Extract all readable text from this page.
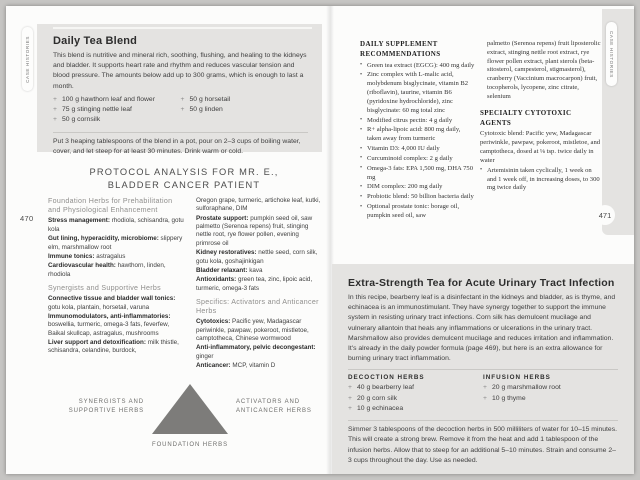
Daily Tea Blend
This blend is nutritive and mineral rich, soothing, flushing, and healing to the kidneys and bladder. It supports heart rate and rhythm and reduces vascular tension and blood pressure. The amounts below add up to 300 grams, which is enough to last a month.
+ 100 g hawthorn leaf and flower
+ 75 g stinging nettle leaf
+ 50 g cornsilk
+ 50 g horsetail
+ 50 g linden
Put 3 heaping tablespoons of the blend in a pot, pour on 2–3 cups of boiling water, cover, and let steep for at least 30 minutes. Drink warm or cold.
CASE HISTORIES
470
PROTOCOL ANALYSIS FOR MR. E.,
BLADDER CANCER PATIENT
Foundation Herbs for Prehabilitation and Physiological Enhancement
Stress management: rhodiola, schisandra, gotu kola
Gut lining, hyperacidity, microbiome: slippery elm, marshmallow root
Immune tonics: astragalus
Cardiovascular health: hawthorn, linden, rhodiola
Synergists and Supportive Herbs
Connective tissue and bladder wall tonics: gotu kola, plantain, horsetail, varuna
Immunomodulators, anti-inflammatories: boswellia, turmeric, omega-3 fats, feverfew, Baikal skullcap, astragalus, mushrooms
Liver support and detoxification: milk thistle, schisandra, celandine, burdock,
Oregon grape, turmeric, artichoke leaf, kutki, sulforaphane, DIM
Prostate support: pumpkin seed oil, saw palmetto (Serenoa repens) fruit, stinging nettle root, rye flower pollen, evening primrose oil
Kidney restoratives: nettle seed, corn silk, gotu kola, goshajinkigan
Bladder relaxant: kava
Antioxidants: green tea, zinc, lipoic acid, turmeric, omega-3 fats
Specifics: Activators and Anticancer Herbs
Cytotoxics: Pacific yew, Madagascar periwinkle, pawpaw, pokeroot, mistletoe, camptotheca, Chinese wormwood
Anti-inflammatory, pelvic decongestant: ginger
Anticancer: MCP, vitamin D
SYNERGISTS AND SUPPORTIVE HERBS
ACTIVATORS AND ANTICANCER HERBS
FOUNDATION HERBS
CASE HISTORIES
471
DAILY SUPPLEMENT RECOMMENDATIONS
• Green tea extract (EGCG): 400 mg daily
• Zinc complex with L-malic acid, molybdenum bisglycinate, vitamin B2 (riboflavin), taurine, vitamin B6 (pyridoxine hydrochloride), zinc bisglycinate: 60 mg total zinc
• Modified citrus pectin: 4 g daily
• R+ alpha-lipoic acid: 800 mg daily, taken away from turmeric
• Vitamin D3: 4,000 IU daily
• Curcuminoid complex: 2 g daily
• Omega-3 fats: EPA 1,500 mg, DHA 750 mg
• DIM complex: 200 mg daily
• Probiotic blend: 50 billion bacteria daily
• Optional prostate tonic: borage oil, pumpkin seed oil, saw
palmetto (Serenoa repens) fruit liposterolic extract, stinging nettle root extract, rye flower pollen extract, plant sterols (beta-sitosterol, campesterol, stigmasterol), cranberry (Vaccinium macrocarpon) fruit, tocopherols, lycopene, zinc citrate, selenium
SPECIALTY CYTOTOXIC AGENTS
Cytotoxic blend: Pacific yew, Madagascar periwinkle, pawpaw, pokeroot, mistletoe, and camptotheca, dosed at ⅛ tsp. twice daily in water
• Artemisinin taken cyclically, 1 week on and 1 week off, in increasing doses, to 300 mg twice daily
Extra-Strength Tea for Acute Urinary Tract Infection
In this recipe, bearberry leaf is a disinfectant in the kidneys and bladder, as is thyme, and echinacea is an immunostimulant. They have synergy together to support the immune system in resisting urinary tract infections. Corn silk has demulcent mucilage and vulnerary allantoin that heals any inflammations or ulcerations in the urinary tract. Marshmallow also provides demulcent mucilage and reduces irritation and inflammation. It's already in the daily powder formula (page 469), but here is an extra allowance for burning urinary tract inflammation.
DECOCTION HERBS
+ 40 g bearberry leaf
+ 20 g corn silk
+ 10 g echinacea
INFUSION HERBS
+ 20 g marshmallow root
+ 10 g thyme
Simmer 3 tablespoons of the decoction herbs in 500 milliliters of water for 10–15 minutes. This will create a strong brew. Remove it from the heat and add 1 tablespoon of the infusion herbs. Allow that to steep for an additional 5–10 minutes. Strain and consume 2–3 cups throughout the day. Use as needed.
